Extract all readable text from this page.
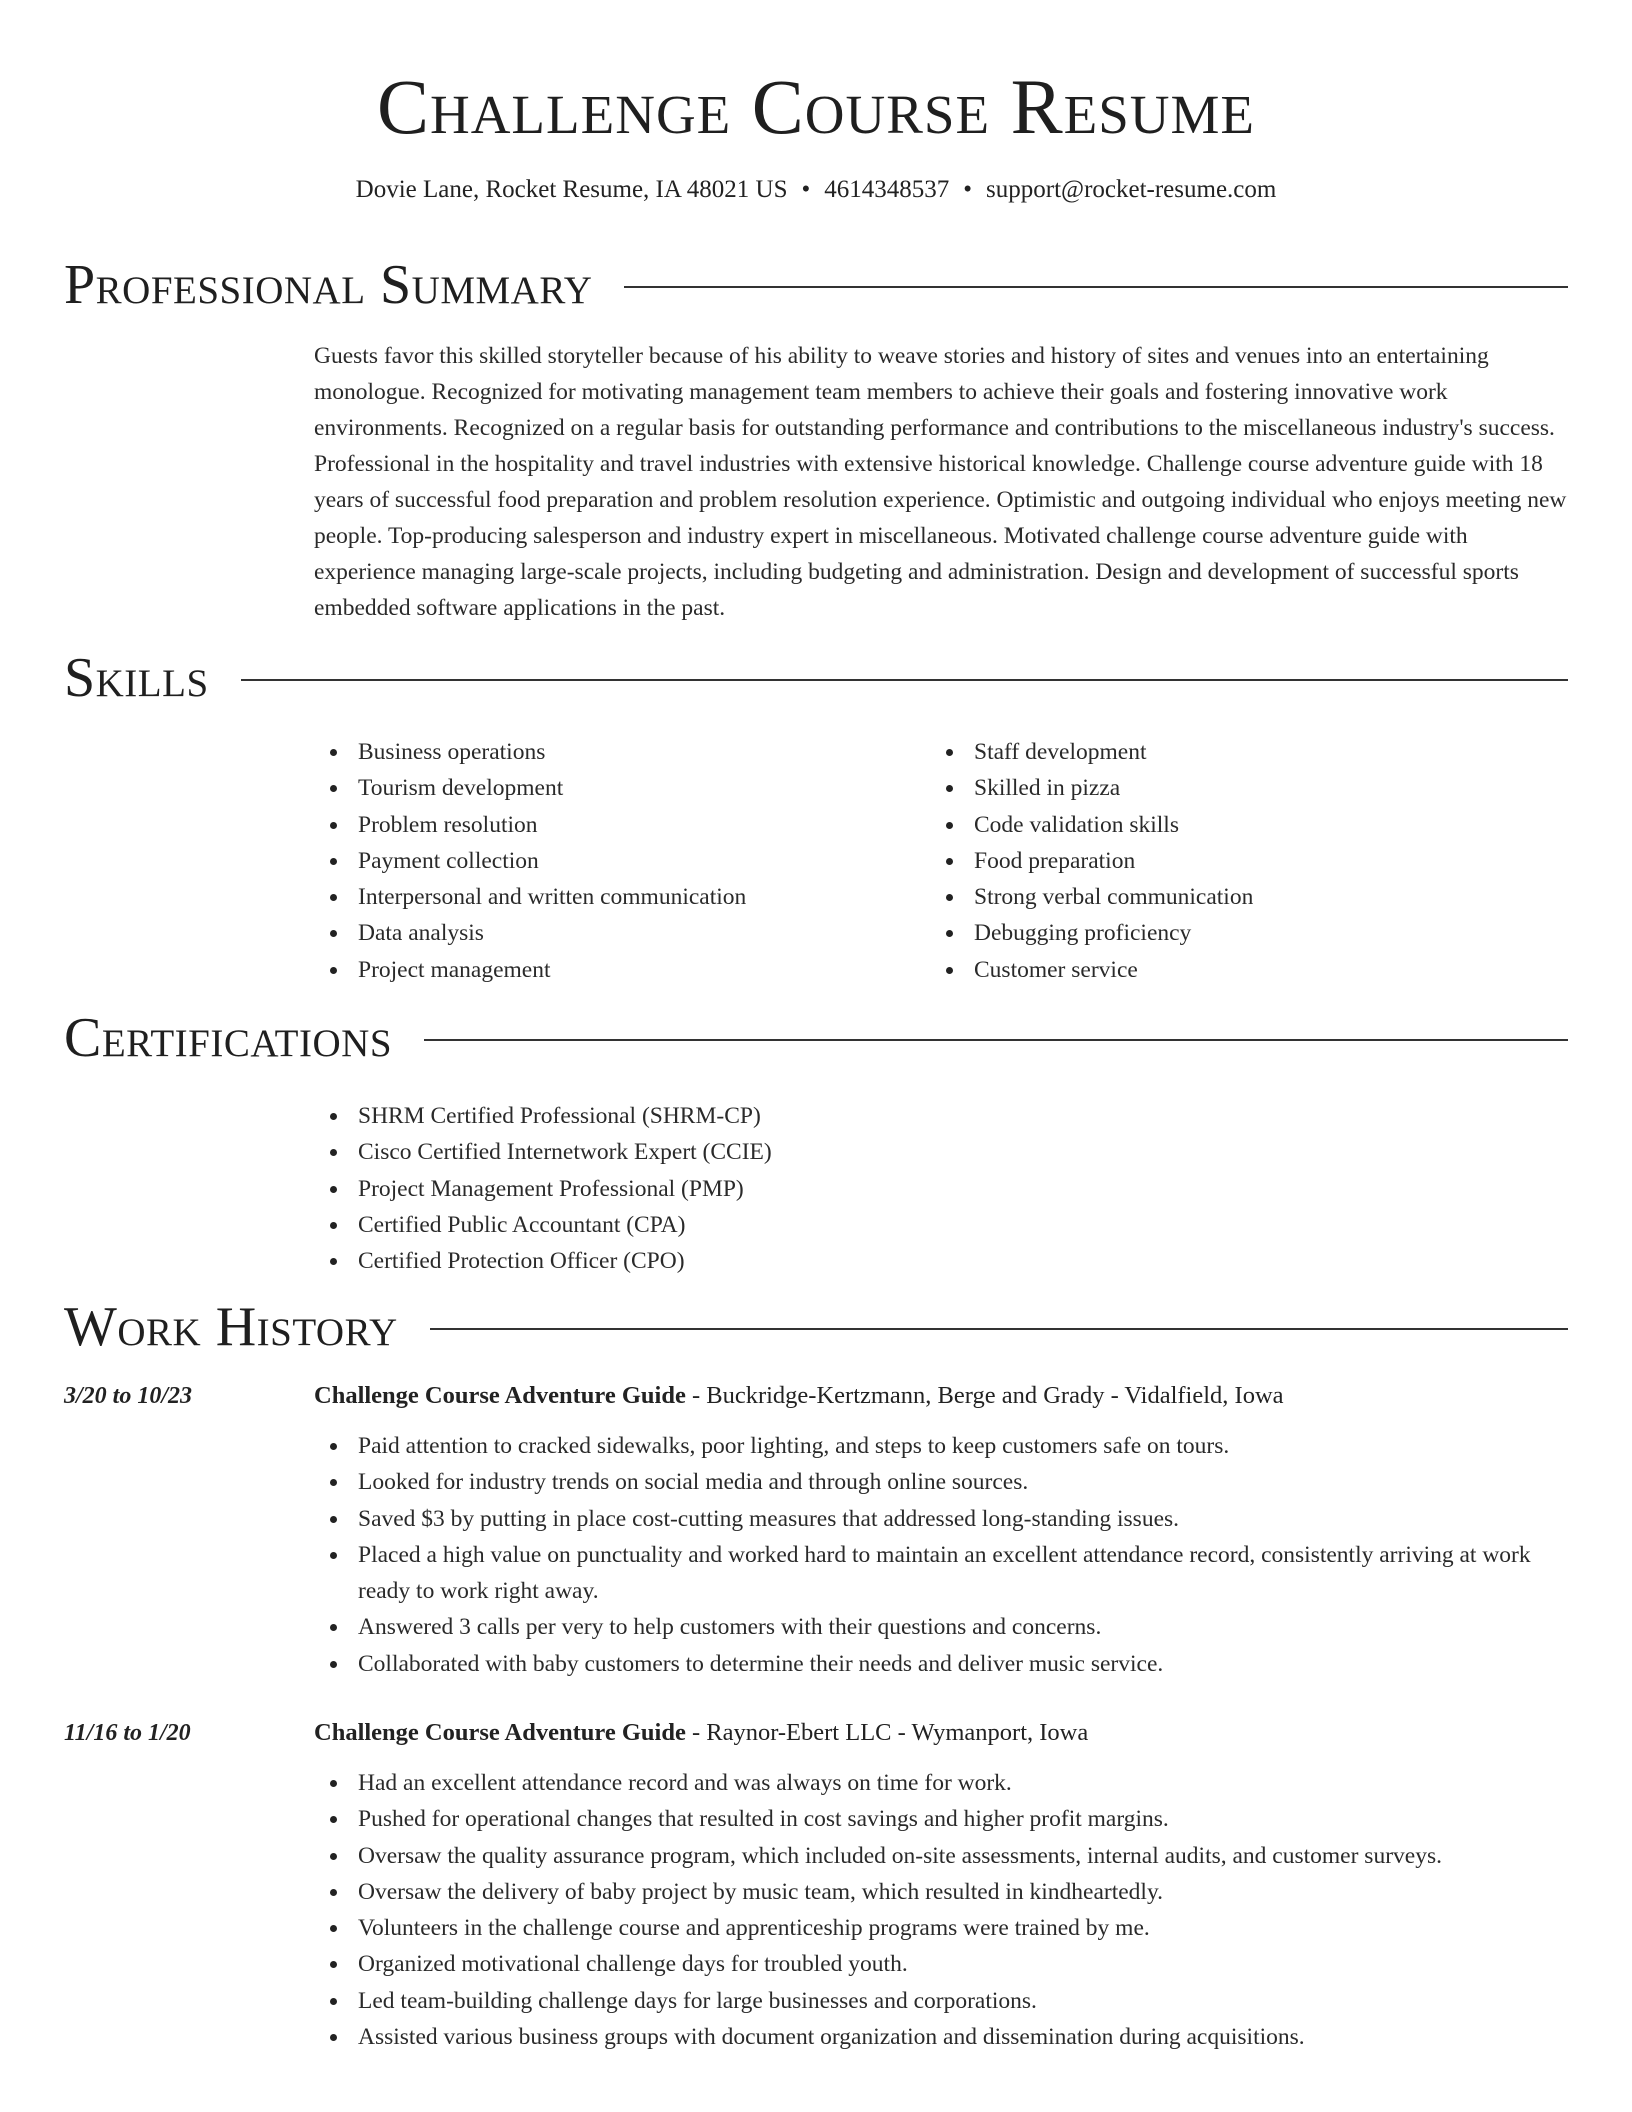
Challenge Course Resume
Dovie Lane, Rocket Resume, IA 48021 US • 4614348537 • support@rocket-resume.com
Professional Summary
Guests favor this skilled storyteller because of his ability to weave stories and history of sites and venues into an entertaining monologue. Recognized for motivating management team members to achieve their goals and fostering innovative work environments. Recognized on a regular basis for outstanding performance and contributions to the miscellaneous industry's success. Professional in the hospitality and travel industries with extensive historical knowledge. Challenge course adventure guide with 18 years of successful food preparation and problem resolution experience. Optimistic and outgoing individual who enjoys meeting new people. Top-producing salesperson and industry expert in miscellaneous. Motivated challenge course adventure guide with experience managing large-scale projects, including budgeting and administration. Design and development of successful sports embedded software applications in the past.
Skills
Business operations
Tourism development
Problem resolution
Payment collection
Interpersonal and written communication
Data analysis
Project management
Staff development
Skilled in pizza
Code validation skills
Food preparation
Strong verbal communication
Debugging proficiency
Customer service
Certifications
SHRM Certified Professional (SHRM-CP)
Cisco Certified Internetwork Expert (CCIE)
Project Management Professional (PMP)
Certified Public Accountant (CPA)
Certified Protection Officer (CPO)
Work History
3/20 to 10/23	Challenge Course Adventure Guide - Buckridge-Kertzmann, Berge and Grady - Vidalfield, Iowa
Paid attention to cracked sidewalks, poor lighting, and steps to keep customers safe on tours.
Looked for industry trends on social media and through online sources.
Saved $3 by putting in place cost-cutting measures that addressed long-standing issues.
Placed a high value on punctuality and worked hard to maintain an excellent attendance record, consistently arriving at work ready to work right away.
Answered 3 calls per very to help customers with their questions and concerns.
Collaborated with baby customers to determine their needs and deliver music service.
11/16 to 1/20	Challenge Course Adventure Guide - Raynor-Ebert LLC - Wymanport, Iowa
Had an excellent attendance record and was always on time for work.
Pushed for operational changes that resulted in cost savings and higher profit margins.
Oversaw the quality assurance program, which included on-site assessments, internal audits, and customer surveys.
Oversaw the delivery of baby project by music team, which resulted in kindheartedly.
Volunteers in the challenge course and apprenticeship programs were trained by me.
Organized motivational challenge days for troubled youth.
Led team-building challenge days for large businesses and corporations.
Assisted various business groups with document organization and dissemination during acquisitions.
